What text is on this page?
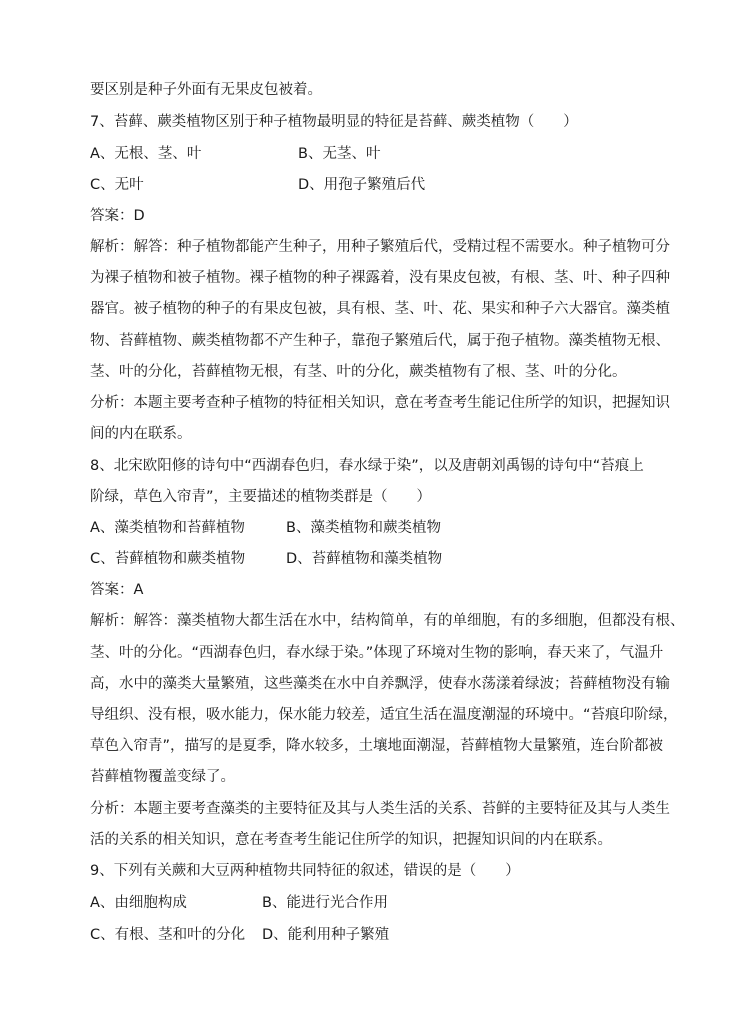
要区别是种子外面有无果皮包被着。
7、苔藓、蕨类植物区别于种子植物最明显的特征是苔藓、蕨类植物（　　）
A、无根、茎、叶	B、无茎、叶
C、无叶	D、用孢子繁殖后代
答案：D
解析：解答：种子植物都能产生种子，用种子繁殖后代，受精过程不需要水。种子植物可分
为裸子植物和被子植物。裸子植物的种子裸露着，没有果皮包被，有根、茎、叶、种子四种
器官。被子植物的种子的有果皮包被，具有根、茎、叶、花、果实和种子六大器官。藻类植
物、苔藓植物、蕨类植物都不产生种子，靠孢子繁殖后代，属于孢子植物。藻类植物无根、
茎、叶的分化，苔藓植物无根，有茎、叶的分化，蕨类植物有了根、茎、叶的分化。
分析：本题主要考查种子植物的特征相关知识，意在考查考生能记住所学的知识，把握知识
间的内在联系。
8、北宋欧阳修的诗句中“西湖春色归，春水绿于染”，以及唐朝刘禹锡的诗句中“苔痕上
阶绿，草色入帘青”，主要描述的植物类群是（　　）
A、藻类植物和苔藓植物	B、藻类植物和蕨类植物
C、苔藓植物和蕨类植物	D、苔藓植物和藻类植物
答案：A
解析：解答：藻类植物大都生活在水中，结构简单，有的单细胞，有的多细胞，但都没有根、
茎、叶的分化。“西湖春色归，春水绿于染。”体现了环境对生物的影响，春天来了，气温升
高，水中的藻类大量繁殖，这些藻类在水中自养飘浮，使春水荡漾着绿波；苔藓植物没有输
导组织、没有根，吸水能力，保水能力较差，适宜生活在温度潮湿的环境中。“苔痕印阶绿，
草色入帘青”，描写的是夏季，降水较多，土壤地面潮湿，苔藓植物大量繁殖，连台阶都被
苔藓植物覆盖变绿了。
分析：本题主要考查藻类的主要特征及其与人类生活的关系、苔鲜的主要特征及其与人类生
活的关系的相关知识，意在考查考生能记住所学的知识，把握知识间的内在联系。
9、下列有关蕨和大豆两种植物共同特征的叙述，错误的是（　　）
A、由细胞构成	B、能进行光合作用
C、有根、茎和叶的分化 D、能利用种子繁殖
